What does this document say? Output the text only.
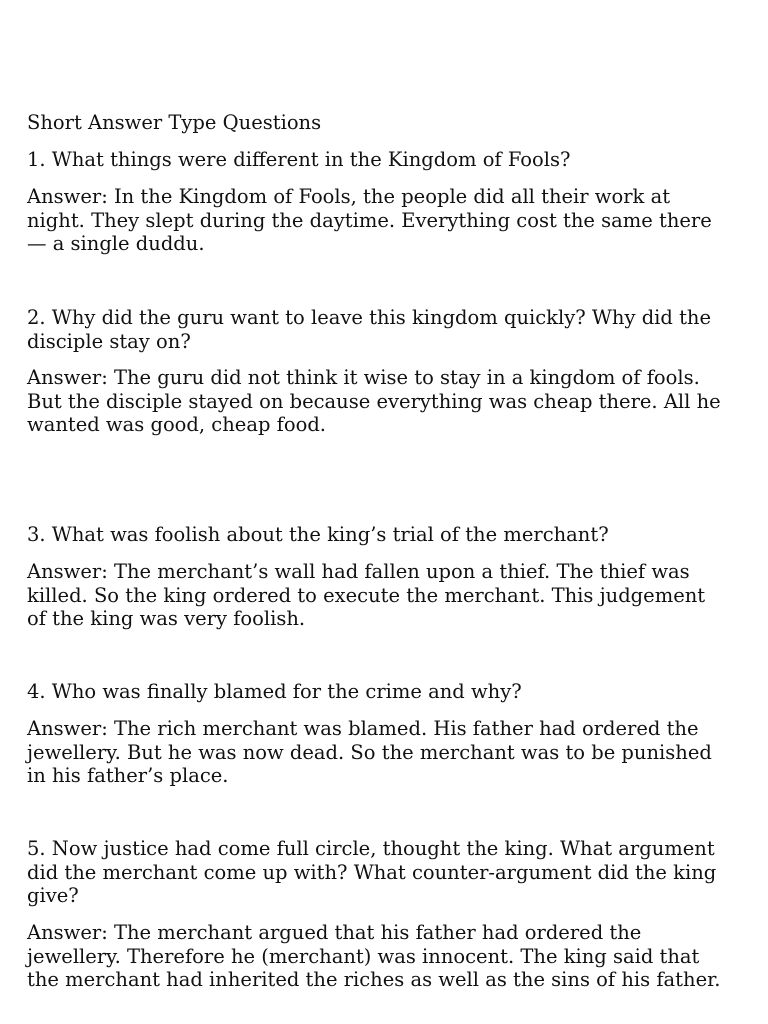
Short Answer Type Questions

1. What things were different in the Kingdom of Fools?

Answer: In the Kingdom of Fools, the people did all their work at night. They slept during the daytime. Everything cost the same there — a single duddu.

2. Why did the guru want to leave this kingdom quickly? Why did the disciple stay on?

Answer: The guru did not think it wise to stay in a kingdom of fools. But the disciple stayed on because everything was cheap there. All he wanted was good, cheap food.

3. What was foolish about the king’s trial of the merchant?

Answer: The merchant’s wall had fallen upon a thief. The thief was killed. So the king ordered to execute the merchant. This judgement of the king was very foolish.

4. Who was finally blamed for the crime and why?

Answer: The rich merchant was blamed. His father had ordered the jewellery. But he was now dead. So the merchant was to be punished in his father’s place.

5. Now justice had come full circle, thought the king. What argument did the merchant come up with? What counter-argument did the king give?

Answer: The merchant argued that his father had ordered the jewellery. Therefore he (merchant) was innocent. The king said that the merchant had inherited the riches as well as the sins of his father.
